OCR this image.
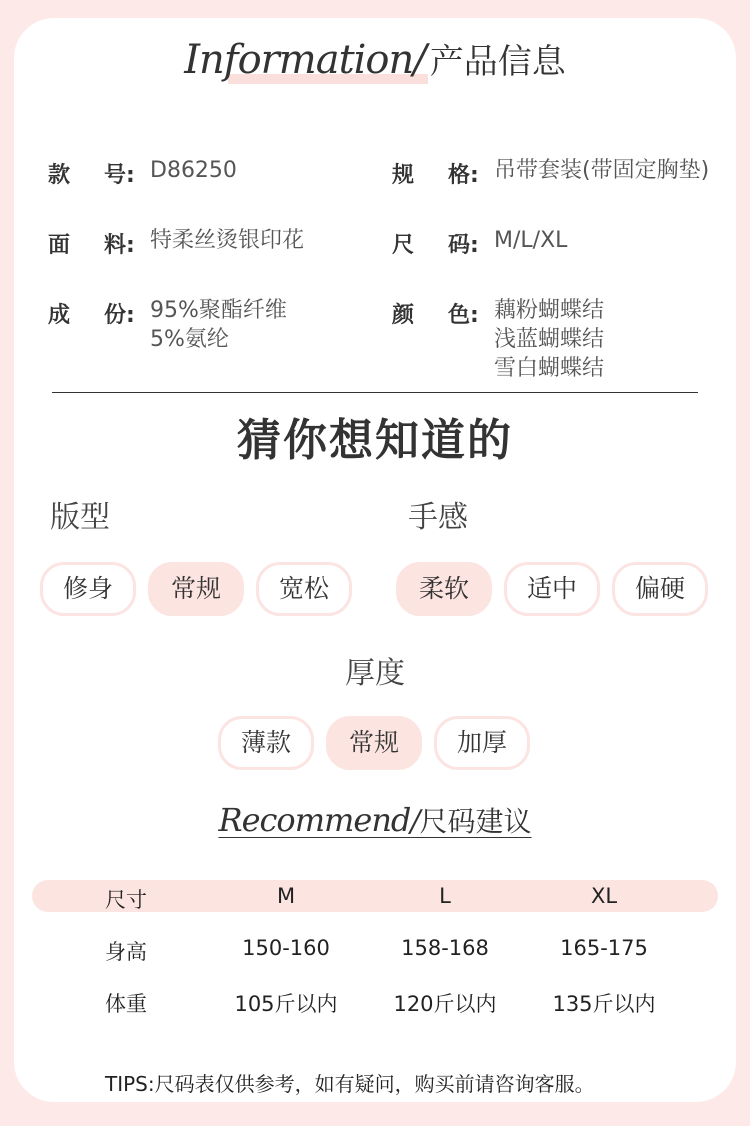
Information/ 产品信息
款 号: D86250	规 格: 吊带套装(带固定胸垫)
面 料: 特柔丝烫银印花	尺 码: M/L/XL
成 份: 95%聚酯纤维
5%氨纶
颜 色: 藕粉蝴蝶结
浅蓝蝴蝶结
雪白蝴蝶结
猜你想知道的
版型	手感
修身	常规	宽松	柔软	适中	偏硬
厚度
薄款	常规	加厚
Recommend/尺码建议
尺寸	M	L	XL
身高	150-160	158-168	165-175
体重	105斤以内	120斤以内	135斤以内
TIPS:尺码表仅供参考，如有疑问，购买前请咨询客服。
